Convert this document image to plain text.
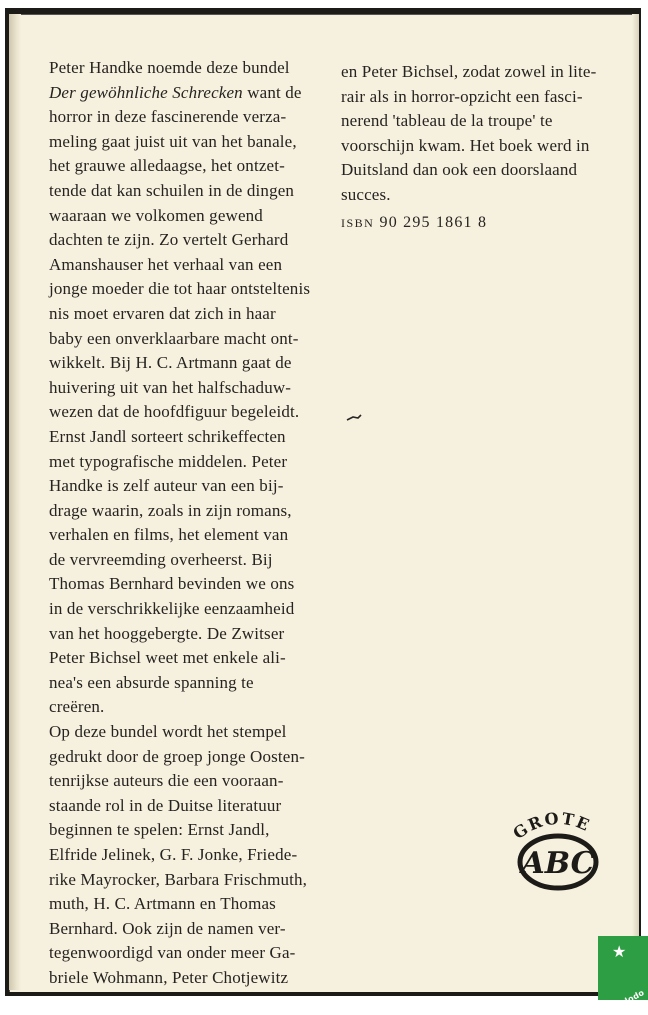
Peter Handke noemde deze bundel
Der gewöhnliche Schrecken want de
horror in deze fascinerende verza-
meling gaat juist uit van het banale,
het grauwe alledaagse, het ontzet-
tende dat kan schuilen in de dingen
waaraan we volkomen gewend
dachten te zijn. Zo vertelt Gerhard
Amanshauser het verhaal van een
jonge moeder die tot haar ontsteltenis
nis moet ervaren dat zich in haar
baby een onverklaarbare macht ont-
wikkelt. Bij H. C. Artmann gaat de
huivering uit van het halfschaduw-
wezen dat de hoofdfiguur begeleidt.
Ernst Jandl sorteert schrikeffecten
met typografische middelen. Peter
Handke is zelf auteur van een bij-
drage waarin, zoals in zijn romans,
verhalen en films, het element van
de vervreemding overheerst. Bij
Thomas Bernhard bevinden we ons
in de verschrikkelijke eenzaamheid
van het hooggebergte. De Zwitser
Peter Bichsel weet met enkele ali-
nea's een absurde spanning te
creëren.
Op deze bundel wordt het stempel
gedrukt door de groep jonge Oosten-
tenrijkse auteurs die een vooraan-
staande rol in de Duitse literatuur
beginnen te spelen: Ernst Jandl,
Elfride Jelinek, G. F. Jonke, Friede-
rike Mayrocker, Barbara Frischmuth,
muth, H. C. Artmann en Thomas
Bernhard. Ook zijn de namen ver-
tegenwoordigd van onder meer Ga-
briele Wohmann, Peter Chotjewitz
en Peter Bichsel, zodat zowel in lite-
rair als in horror-opzicht een fasci-
nerend 'tableau de la troupe' te
voorschijn kwam. Het boek werd in
Duitsland dan ook een doorslaand
succes.

ISBN 90 295 1861 8

GROTE
ABC
★
lastdodo
